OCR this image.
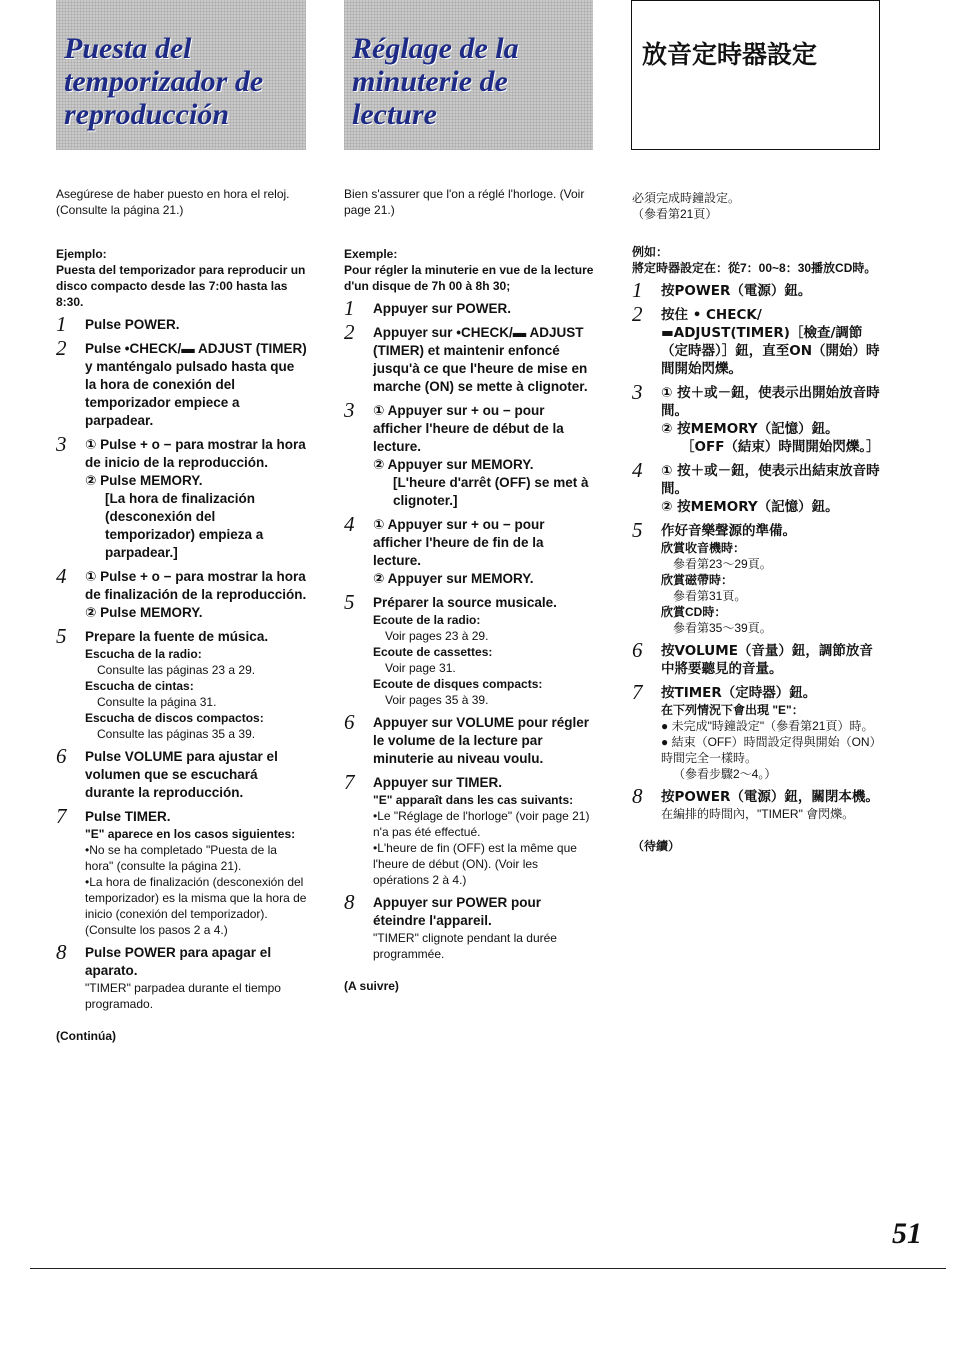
Puesta del
temporizador de
reproducción
Réglage de la
minuterie de
lecture
放音定時器設定

Asegúrese de haber puesto en hora el reloj. (Consulte la página 21.)

Ejemplo:

Puesta del temporizador para reproducir un disco compacto desde las 7:00 hasta las 8:30.

1 Pulse POWER.

2 Pulse •CHECK/▬ ADJUST (TIMER) y manténgalo pulsado hasta que la hora de conexión del temporizador empiece a parpadear.

3 ① Pulse + o − para mostrar la hora de inicio de la reproducción.

② Pulse MEMORY.

[La hora de finalización (desconexión del temporizador) empieza a parpadear.]

4 ① Pulse + o − para mostrar la hora de finalización de la reproducción.

② Pulse MEMORY.

5 Prepare la fuente de música.

Escucha de la radio:

Consulte las páginas 23 a 29.

Escucha de cintas:

Consulte la página 31.

Escucha de discos compactos:

Consulte las páginas 35 a 39.

6 Pulse VOLUME para ajustar el volumen que se escuchará durante la reproducción.

7 Pulse TIMER.

"E" aparece en los casos siguientes:

•No se ha completado "Puesta de la hora" (consulte la página 21).

•La hora de finalización (desconexión del temporizador) es la misma que la hora de inicio (conexión del temporizador). (Consulte los pasos 2 a 4.)

8 Pulse POWER para apagar el aparato.

"TIMER" parpadea durante el tiempo programado.

(Continúa)

Bien s'assurer que l'on a réglé l'horloge. (Voir page 21.)

Exemple:

Pour régler la minuterie en vue de la lecture d'un disque de 7h 00 à 8h 30;

1 Appuyer sur POWER.

2 Appuyer sur •CHECK/▬ ADJUST (TIMER) et maintenir enfoncé jusqu'à ce que l'heure de mise en marche (ON) se mette à clignoter.

3 ① Appuyer sur + ou − pour afficher l'heure de début de la lecture.

② Appuyer sur MEMORY.

[L'heure d'arrêt (OFF) se met à clignoter.]

4 ① Appuyer sur + ou − pour afficher l'heure de fin de la lecture.

② Appuyer sur MEMORY.

5 Préparer la source musicale.

Ecoute de la radio:

Voir pages 23 à 29.

Ecoute de cassettes:

Voir page 31.

Ecoute de disques compacts:

Voir pages 35 à 39.

6 Appuyer sur VOLUME pour régler le volume de la lecture par minuterie au niveau voulu.

7 Appuyer sur TIMER.

"E" apparaît dans les cas suivants:

•Le "Réglage de l'horloge" (voir page 21) n'a pas été effectué.

•L'heure de fin (OFF) est la même que l'heure de début (ON). (Voir les opérations 2 à 4.)

8 Appuyer sur POWER pour éteindre l'appareil.

"TIMER" clignote pendant la durée programmée.

(A suivre)

必須完成時鐘設定。

（參看第21頁）

例如：

將定時器設定在：從7：00~8：30播放CD時。

1 按POWER（電源）鈕。

2 按住 • CHECK/▬ADJUST(TIMER)［檢查/調節（定時器）］鈕，直至ON（開始）時間開始閃爍。

3 ① 按＋或－鈕，使表示出開始放音時間。

② 按MEMORY（記憶）鈕。

［OFF（結束）時間開始閃爍。］

4 ① 按＋或－鈕，使表示出結束放音時間。

② 按MEMORY（記憶）鈕。

5 作好音樂聲源的準備。

欣賞收音機時：

參看第23～29頁。

欣賞磁帶時：

參看第31頁。

欣賞CD時：

參看第35～39頁。

6 按VOLUME（音量）鈕，調節放音中將要聽見的音量。

7 按TIMER（定時器）鈕。

在下列情況下會出現 "E"：

● 未完成"時鐘設定"（參看第21頁）時。

● 結束（OFF）時間設定得與開始（ON）時間完全一樣時。

（參看步驟2～4。）

8 按POWER（電源）鈕，關閉本機。

在編排的時間內，"TIMER" 會閃爍。

（待續）

51
